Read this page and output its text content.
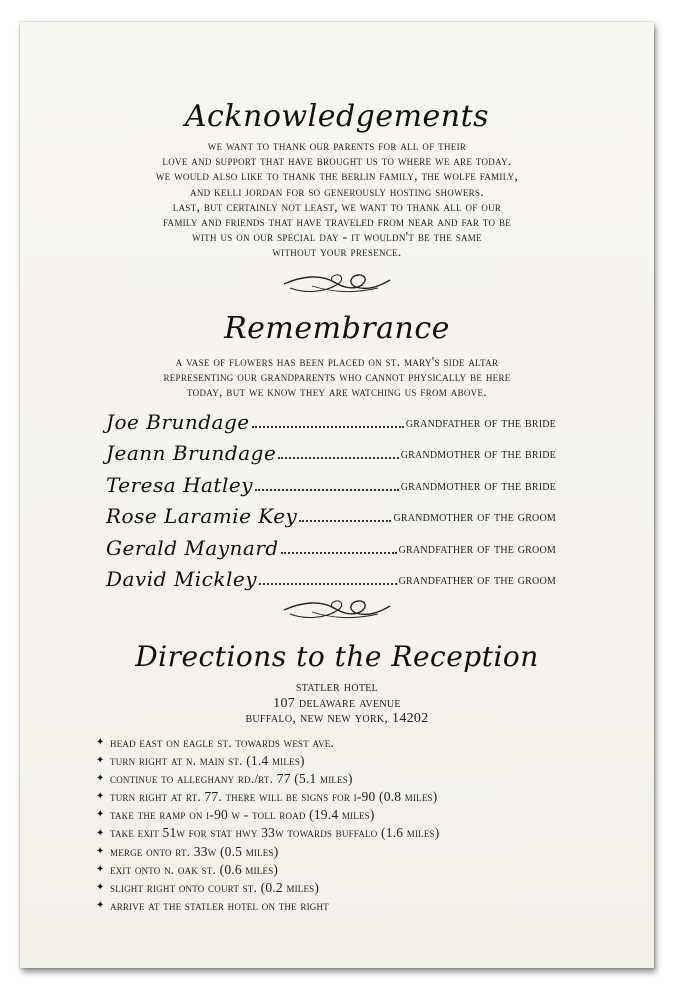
Acknowledgements

we want to thank our parents for all of their

love and support that have brought us to where we are today.

we would also like to thank the berlin family, the wolfe family,

and kelli jordan for so generously hosting showers.

last, but certainly not least, we want to thank all of our

family and friends that have traveled from near and far to be

with us on our special day - it wouldn't be the same

without your presence.

Remembrance

a vase of flowers has been placed on st. mary's side altar

representing our grandparents who cannot physically be here

today, but we know they are watching us from above.

Joe Brundage	grandfather of the bride
Jeann Brundage	grandmother of the bride
Teresa Hatley	grandmother of the bride
Rose Laramie Key	grandmother of the groom
Gerald Maynard	grandfather of the groom
David Mickley	grandfather of the groom
Directions to the Reception
statler hotel
107 delaware avenue
buffalo, new new york, 14202
✦ head east on eagle st. towards west ave.
✦ turn right at n. main st. (1.4 miles)
✦ continue to alleghany rd./rt. 77 (5.1 miles)
✦ turn right at rt. 77. there will be signs for i-90 (0.8 miles)
✦ take the ramp on i-90 w - toll road (19.4 miles)
✦ take exit 51w for stat hwy 33w towards buffalo (1.6 miles)
✦ merge onto rt. 33w (0.5 miles)
✦ exit onto n. oak st. (0.6 miles)
✦ slight right onto court st. (0.2 miles)
✦ arrive at the statler hotel on the right
